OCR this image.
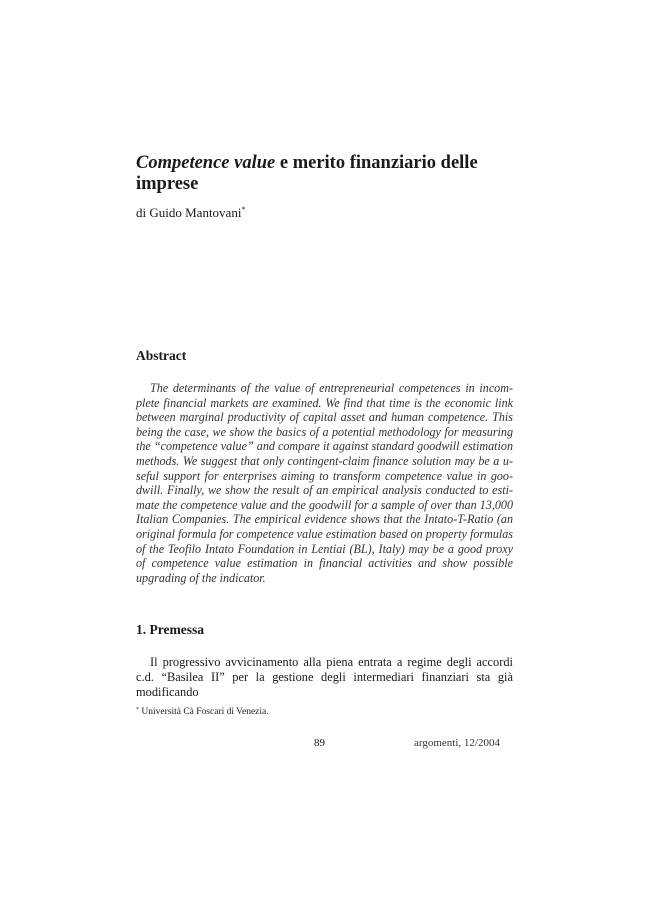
Competence value e merito finanziario delle imprese
di Guido Mantovani*
Abstract

The determinants of the value of entrepreneurial competences in incomplete financial markets are examined. We find that time is the economic link between marginal productivity of capital asset and human competence. This being the case, we show the basics of a potential methodology for measuring the “competence value” and compare it against standard goodwill estimation methods. We suggest that only contingent-claim finance solution may be a useful support for enterprises aiming to transform competence value in goodwill. Finally, we show the result of an empirical analysis conducted to estimate the competence value and the goodwill for a sample of over than 13,000 Italian Companies. The empirical evidence shows that the Intato-T-Ratio (an original formula for competence value estimation based on property formulas of the Teofilo Intato Foundation in Lentiai (BL), Italy) may be a good proxy of competence value estimation in financial activities and show possible upgrading of the indicator.

1. Premessa

Il progressivo avvicinamento alla piena entrata a regime degli accordi c.d. “Basilea II” per la gestione degli intermediari finanziari sta già modificando

* Università Cà Foscari di Venezia.
89	argomenti, 12/2004
